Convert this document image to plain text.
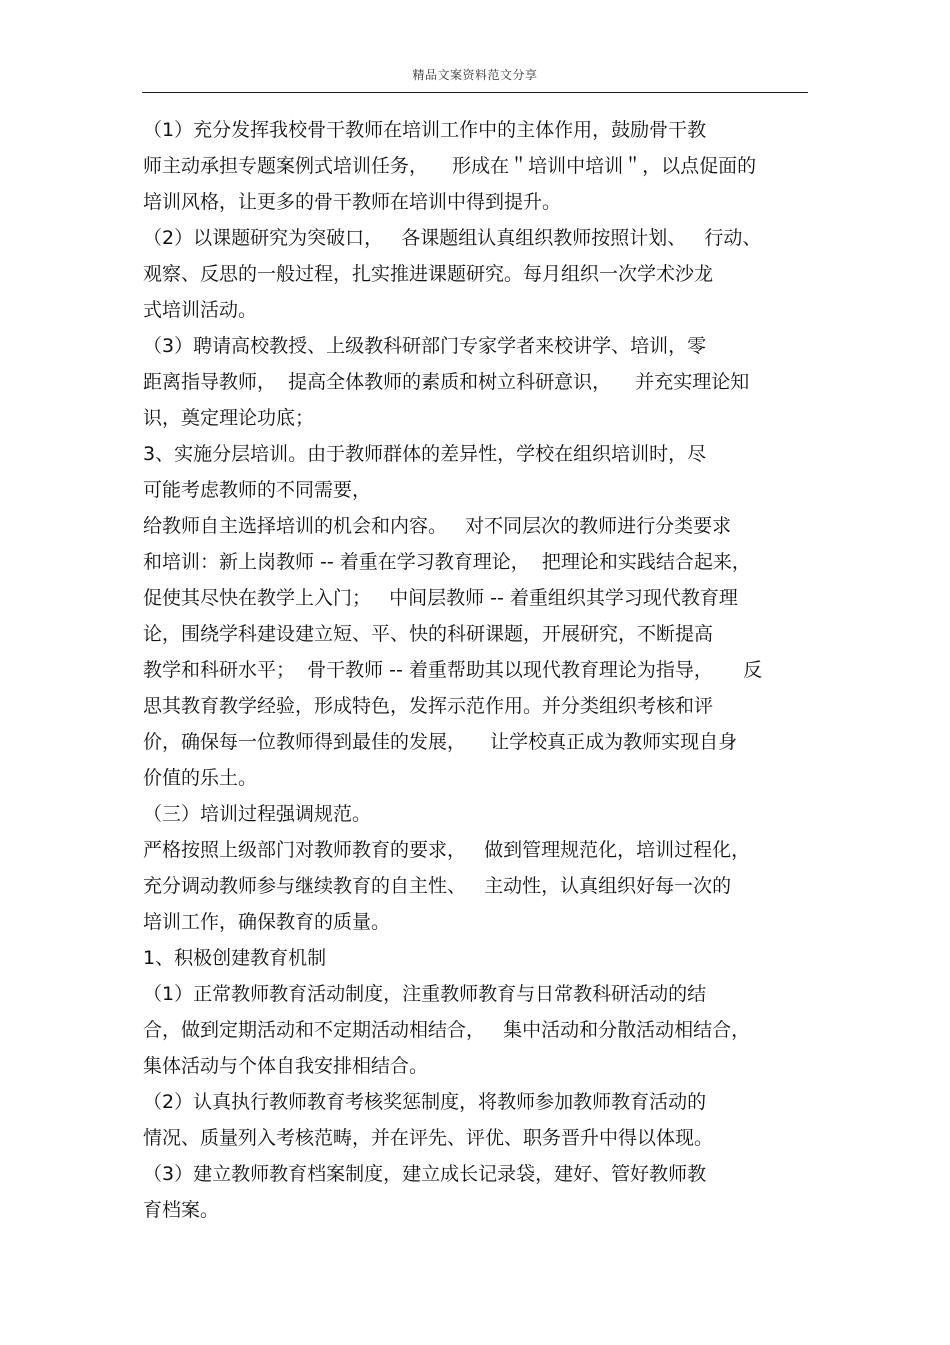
精品文案资料范文分享
（1）充分发挥我校骨干教师在培训工作中的主体作用，鼓励骨干教
师主动承担专题案例式培训任务，    形成在＂培训中培训＂，以点促面的
培训风格，让更多的骨干教师在培训中得到提升。
（2）以课题研究为突破口，   各课题组认真组织教师按照计划、   行动、
观察、反思的一般过程，扎实推进课题研究。每月组织一次学术沙龙
式培训活动。
（3）聘请高校教授、上级教科研部门专家学者来校讲学、培训，零
距离指导教师，  提高全体教师的素质和树立科研意识，    并充实理论知
识，奠定理论功底；
3、实施分层培训。由于教师群体的差异性，学校在组织培训时，尽
可能考虑教师的不同需要，
给教师自主选择培训的机会和内容。   对不同层次的教师进行分类要求
和培训：新上岗教师 -- 着重在学习教育理论，  把理论和实践结合起来，
促使其尽快在教学上入门；   中间层教师 -- 着重组织其学习现代教育理
论，围绕学科建设建立短、平、快的科研课题，开展研究，不断提高
教学和科研水平；  骨干教师 -- 着重帮助其以现代教育理论为指导，     反
思其教育教学经验，形成特色，发挥示范作用。并分类组织考核和评
价，确保每一位教师得到最佳的发展，    让学校真正成为教师实现自身
价值的乐土。
（三）培训过程强调规范。
严格按照上级部门对教师教育的要求，   做到管理规范化，培训过程化，
充分调动教师参与继续教育的自主性、   主动性，认真组织好每一次的
培训工作，确保教育的质量。
1、积极创建教育机制
（1）正常教师教育活动制度，注重教师教育与日常教科研活动的结
合，做到定期活动和不定期活动相结合，   集中活动和分散活动相结合，
集体活动与个体自我安排相结合。
（2）认真执行教师教育考核奖惩制度，将教师参加教师教育活动的
情况、质量列入考核范畴，并在评先、评优、职务晋升中得以体现。
（3）建立教师教育档案制度，建立成长记录袋，建好、管好教师教
育档案。
